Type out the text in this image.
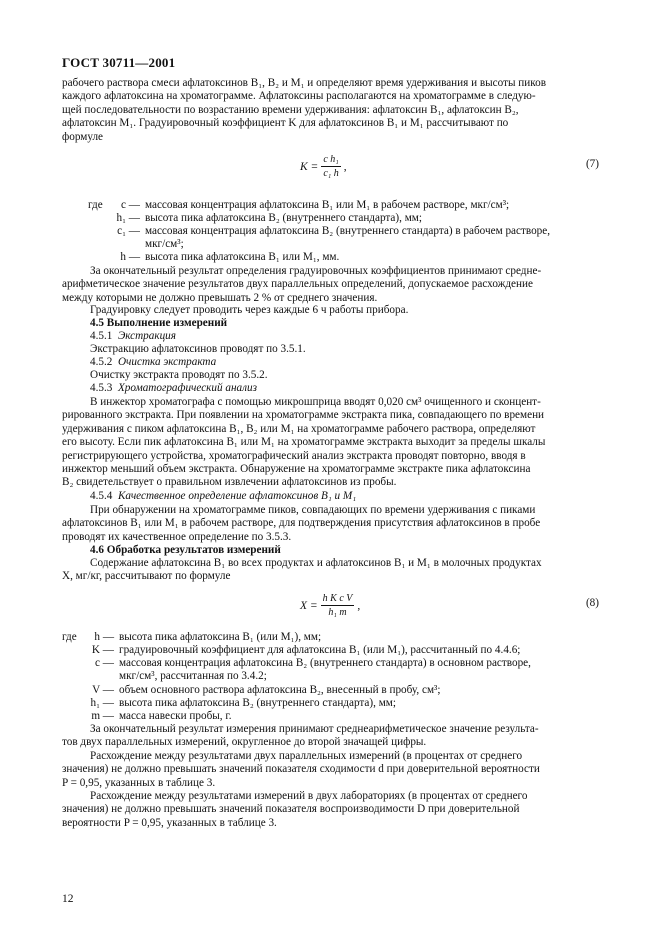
ГОСТ 30711—2001
рабочего раствора смеси афлатоксинов B₁, B₂ и M₁ и определяют время удерживания и высоты пиков
каждого афлатоксина на хроматограмме. Афлатоксины располагаются на хроматограмме в следую-
щей последовательности по возрастанию времени удерживания: афлатоксин B₁, афлатоксин B₂,
афлатоксин M₁. Градуировочный коэффициент K для афлатоксинов B₁ и M₁ рассчитывают по
формуле
$K = \frac{\text{c h₁}}{\text{c₁ h}}$ ,	(7)
где c — массовая концентрация афлатоксина B₁ или M₁ в рабочем растворе, мкг/см³;
h₁ — высота пика афлатоксина B₂ (внутреннего стандарта), мм;
c₁ — массовая концентрация афлатоксина B₂ (внутреннего стандарта) в рабочем растворе,
мкг/см³;
h — высота пика афлатоксина B₁ или M₁, мм.
За окончательный результат определения градуировочных коэффициентов принимают средне-
арифметическое значение результатов двух параллельных определений, допускаемое расхождение
между которыми не должно превышать 2 % от среднего значения.
Градуировку следует проводить через каждые 6 ч работы прибора.
4.5 Выполнение измерений
4.5.1 Экстракция
Экстракцию афлатоксинов проводят по 3.5.1.
4.5.2 Очистка экстракта
Очистку экстракта проводят по 3.5.2.
4.5.3 Хроматографический анализ
В инжектор хроматографа с помощью микрошприца вводят 0,020 см³ очищенного и сконцент-
рированного экстракта. При появлении на хроматограмме экстракта пика, совпадающего по времени
удерживания с пиком афлатоксина B₁, B₂ или M₁ на хроматограмме рабочего раствора, определяют
его высоту. Если пик афлатоксина B₁ или M₁ на хроматограмме экстракта выходит за пределы шкалы
регистрирующего устройства, хроматографический анализ экстракта проводят повторно, вводя в
инжектор меньший объем экстракта. Обнаружение на хроматограмме экстракте пика афлатоксина
B₂ свидетельствует о правильном извлечении афлатоксинов из пробы.
4.5.4 Качественное определение афлатоксинов B₁ и M₁
При обнаружении на хроматограмме пиков, совпадающих по времени удерживания с пиками
афлатоксинов B₁ или M₁ в рабочем растворе, для подтверждения присутствия афлатоксинов в пробе
проводят их качественное определение по 3.5.3.
4.6 Обработка результатов измерений
Содержание афлатоксина B₁ во всех продуктах и афлатоксинов B₁ и M₁ в молочных продуктах
X, мг/кг, рассчитывают по формуле
$X = \frac{\text{h K c V}}{\text{h₁ m}}$ ,	(8)
где h — высота пика афлатоксина B₁ (или M₁), мм;
K — градуировочный коэффициент для афлатоксина B₁ (или M₁), рассчитанный по 4.4.6;
c — массовая концентрация афлатоксина B₂ (внутреннего стандарта) в основном растворе,
мкг/см³, рассчитанная по 3.4.2;
V — объем основного раствора афлатоксина B₂, внесенный в пробу, см³;
h₁ — высота пика афлатоксина B₂ (внутреннего стандарта), мм;
m — масса навески пробы, г.
За окончательный результат измерения принимают среднеарифметическое значение результа-
тов двух параллельных измерений, округленное до второй значащей цифры.
Расхождение между результатами двух параллельных измерений (в процентах от среднего
значения) не должно превышать значений показателя сходимости d при доверительной вероятности
P = 0,95, указанных в таблице 3.
Расхождение между результатами измерений в двух лабораториях (в процентах от среднего
значения) не должно превышать значений показателя воспроизводимости D при доверительной
вероятности P = 0,95, указанных в таблице 3.
12
